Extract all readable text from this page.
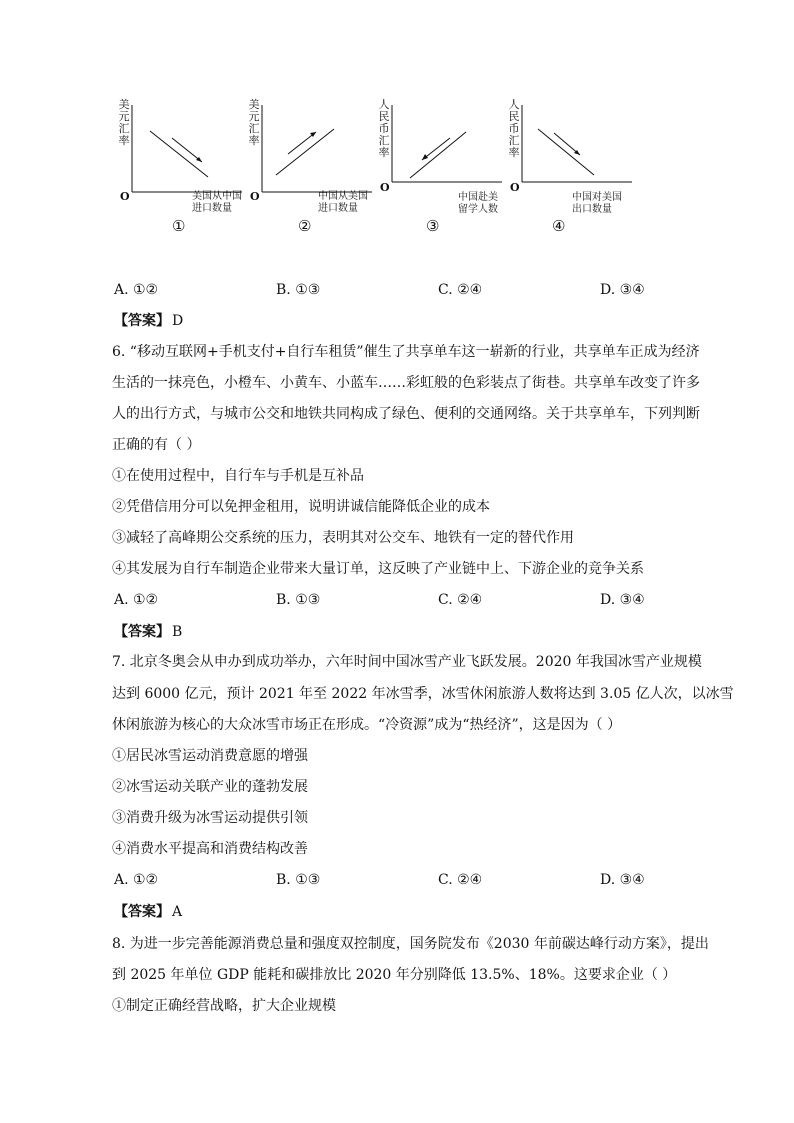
美
元
汇
率
O	美国从中国
进口数量
①
美
元
汇
率
O	中国从美国
进口数量
②
人
民
币
汇
率
O
中国赴美
留学人数
③
人
民
币
汇
率
O
中国对美国
出口数量
④
A. ①②	B. ①③	C. ②④	D. ③④
【答案】 D
6. “移动互联网+手机支付+自行车租赁”催生了共享单车这一崭新的行业，共享单车正成为经济
生活的一抹亮色，小橙车、小黄车、小蓝车……彩虹般的色彩装点了街巷。共享单车改变了许多
人的出行方式，与城市公交和地铁共同构成了绿色、便利的交通网络。关于共享单车，下列判断
正确的有（ ）
①在使用过程中，自行车与手机是互补品
②凭借信用分可以免押金租用，说明讲诚信能降低企业的成本
③减轻了高峰期公交系统的压力，表明其对公交车、地铁有一定的替代作用
④其发展为自行车制造企业带来大量订单，这反映了产业链中上、下游企业的竞争关系
A. ①②	B. ①③	C. ②④	D. ③④
【答案】 B
7. 北京冬奥会从申办到成功举办，六年时间中国冰雪产业飞跃发展。2020 年我国冰雪产业规模
达到 6000 亿元，预计 2021 年至 2022 年冰雪季，冰雪休闲旅游人数将达到 3.05 亿人次，以冰雪
休闲旅游为核心的大众冰雪市场正在形成。“冷资源”成为“热经济”，这是因为（ ）
①居民冰雪运动消费意愿的增强
②冰雪运动关联产业的蓬勃发展
③消费升级为冰雪运动提供引领
④消费水平提高和消费结构改善
A. ①②	B. ①③	C. ②④	D. ③④
【答案】 A
8. 为进一步完善能源消费总量和强度双控制度，国务院发布《2030 年前碳达峰行动方案》，提出
到 2025 年单位 GDP 能耗和碳排放比 2020 年分别降低 13.5%、18%。这要求企业（ ）
①制定正确经营战略，扩大企业规模
